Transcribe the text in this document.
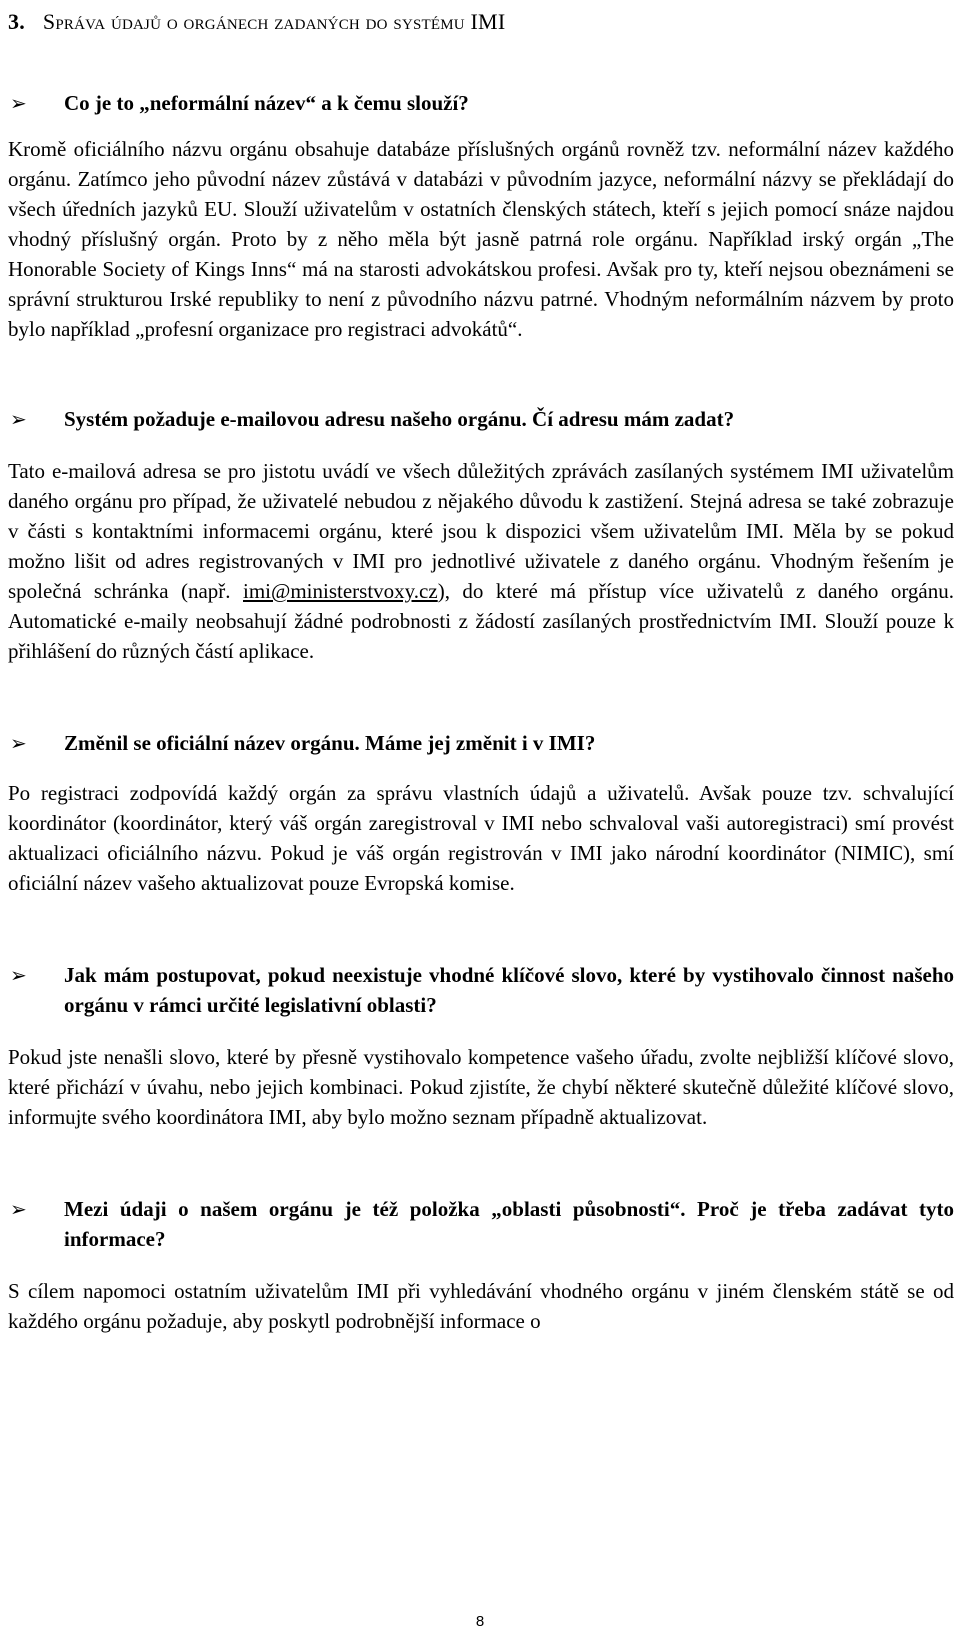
3. Správa údajů o orgánech zadaných do systému IMI
➢	Co je to „neformální název“ a k čemu slouží?

Kromě oficiálního názvu orgánu obsahuje databáze příslušných orgánů rovněž tzv. neformální název každého orgánu. Zatímco jeho původní název zůstává v databázi v původním jazyce, neformální názvy se překládají do všech úředních jazyků EU. Slouží uživatelům v ostatních členských státech, kteří s jejich pomocí snáze najdou vhodný příslušný orgán. Proto by z něho měla být jasně patrná role orgánu. Například irský orgán „The Honorable Society of Kings Inns“ má na starosti advokátskou profesi. Avšak pro ty, kteří nejsou obeznámeni se správní strukturou Irské republiky to není z původního názvu patrné. Vhodným neformálním názvem by proto bylo například „profesní organizace pro registraci advokátů“.

➢	Systém požaduje e-mailovou adresu našeho orgánu. Čí adresu mám zadat?

Tato e-mailová adresa se pro jistotu uvádí ve všech důležitých zprávách zasílaných systémem IMI uživatelům daného orgánu pro případ, že uživatelé nebudou z nějakého důvodu k zastižení. Stejná adresa se také zobrazuje v části s kontaktními informacemi orgánu, které jsou k dispozici všem uživatelům IMI. Měla by se pokud možno lišit od adres registrovaných v IMI pro jednotlivé uživatele z daného orgánu. Vhodným řešením je společná schránka (např. imi@ministerstvoxy.cz), do které má přístup více uživatelů z daného orgánu. Automatické e-maily neobsahují žádné podrobnosti z žádostí zasílaných prostřednictvím IMI. Slouží pouze k přihlášení do různých částí aplikace.

➢	Změnil se oficiální název orgánu. Máme jej změnit i v IMI?

Po registraci zodpovídá každý orgán za správu vlastních údajů a uživatelů. Avšak pouze tzv. schvalující koordinátor (koordinátor, který váš orgán zaregistroval v IMI nebo schvaloval vaši autoregistraci) smí provést aktualizaci oficiálního názvu. Pokud je váš orgán registrován v IMI jako národní koordinátor (NIMIC), smí oficiální název vašeho aktualizovat pouze Evropská komise.

➢	Jak mám postupovat, pokud neexistuje vhodné klíčové slovo, které by vystihovalo činnost našeho orgánu v rámci určité legislativní oblasti?

Pokud jste nenašli slovo, které by přesně vystihovalo kompetence vašeho úřadu, zvolte nejbližší klíčové slovo, které přichází v úvahu, nebo jejich kombinaci. Pokud zjistíte, že chybí některé skutečně důležité klíčové slovo, informujte svého koordinátora IMI, aby bylo možno seznam případně aktualizovat.

➢	Mezi údaji o našem orgánu je též položka „oblasti působnosti“. Proč je třeba zadávat tyto informace?

S cílem napomoci ostatním uživatelům IMI při vyhledávání vhodného orgánu v jiném členském státě se od každého orgánu požaduje, aby poskytl podrobnější informace o

8
